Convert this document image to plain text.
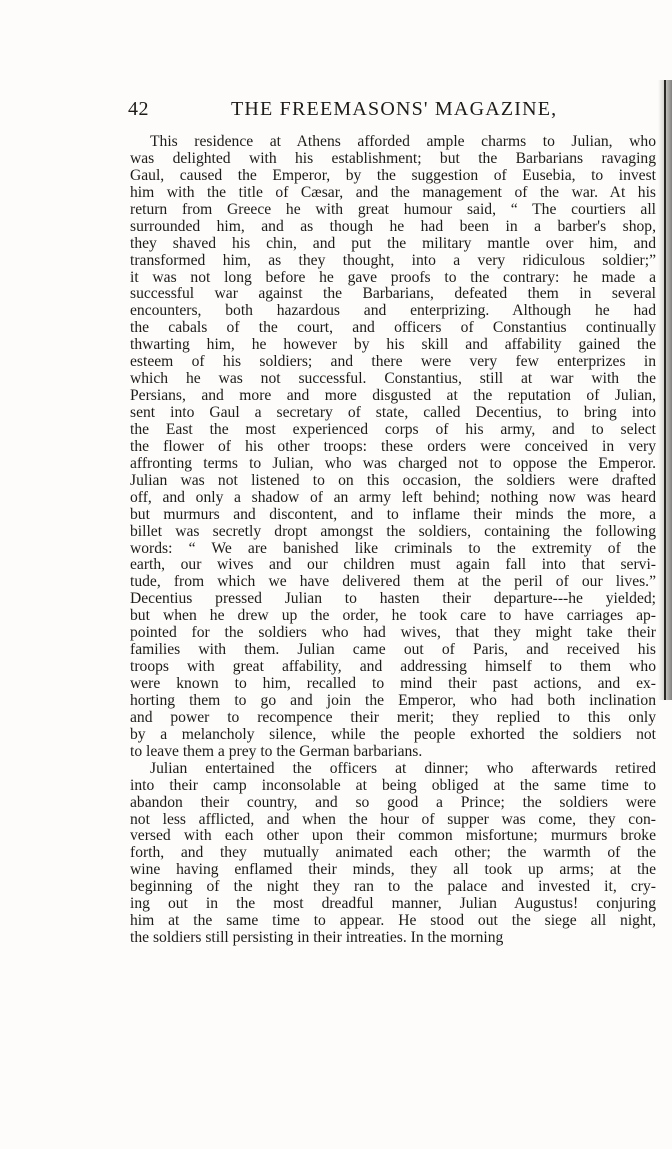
42	THE FREEMASONS' MAGAZINE,
This residence at Athens afforded ample charms to Julian, who
was delighted with his establishment; but the Barbarians ravaging
Gaul, caused the Emperor, by the suggestion of Eusebia, to invest
him with the title of Cæsar, and the management of the war. At his
return from Greece he with great humour said, “ The courtiers all
surrounded him, and as though he had been in a barber's shop,
they shaved his chin, and put the military mantle over him, and
transformed him, as they thought, into a very ridiculous soldier;”
it was not long before he gave proofs to the contrary: he made a
successful war against the Barbarians, defeated them in several
encounters, both hazardous and enterprizing. Although he had
the cabals of the court, and officers of Constantius continually
thwarting him, he however by his skill and affability gained the
esteem of his soldiers; and there were very few enterprizes in
which he was not successful. Constantius, still at war with the
Persians, and more and more disgusted at the reputation of Julian,
sent into Gaul a secretary of state, called Decentius, to bring into
the East the most experienced corps of his army, and to select
the flower of his other troops: these orders were conceived in very
affronting terms to Julian, who was charged not to oppose the Emperor.
Julian was not listened to on this occasion, the soldiers were drafted
off, and only a shadow of an army left behind; nothing now was heard
but murmurs and discontent, and to inflame their minds the more, a
billet was secretly dropt amongst the soldiers, containing the following
words: “ We are banished like criminals to the extremity of the
earth, our wives and our children must again fall into that servi-
tude, from which we have delivered them at the peril of our lives.”
Decentius pressed Julian to hasten their departure---he yielded;
but when he drew up the order, he took care to have carriages ap-
pointed for the soldiers who had wives, that they might take their
families with them. Julian came out of Paris, and received his
troops with great affability, and addressing himself to them who
were known to him, recalled to mind their past actions, and ex-
horting them to go and join the Emperor, who had both inclination
and power to recompence their merit; they replied to this only
by a melancholy silence, while the people exhorted the soldiers not
to leave them a prey to the German barbarians.
Julian entertained the officers at dinner; who afterwards retired
into their camp inconsolable at being obliged at the same time to
abandon their country, and so good a Prince; the soldiers were
not less afflicted, and when the hour of supper was come, they con-
versed with each other upon their common misfortune; murmurs broke
forth, and they mutually animated each other; the warmth of the
wine having enflamed their minds, they all took up arms; at the
beginning of the night they ran to the palace and invested it, cry-
ing out in the most dreadful manner, Julian Augustus! conjuring
him at the same time to appear. He stood out the siege all night,
the soldiers still persisting in their intreaties. In the morning
